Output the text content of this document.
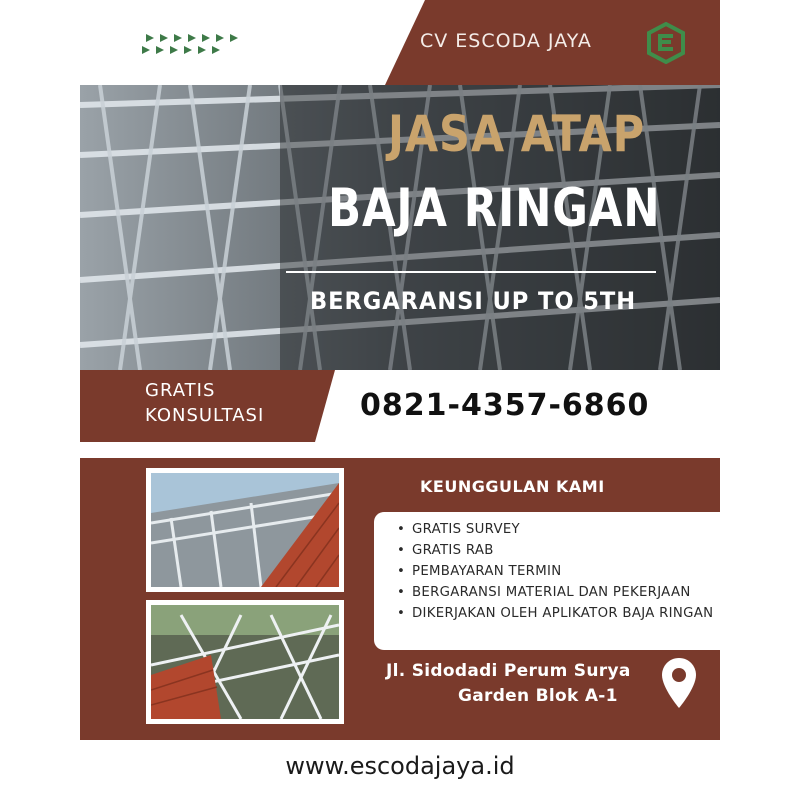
CV ESCODA JAYA
JASA ATAP
BAJA RINGAN
BERGARANSI UP TO 5TH
GRATIS
KONSULTASI	0821-4357-6860
KEUNGGULAN KAMI
• GRATIS SURVEY
• GRATIS RAB
• PEMBAYARAN TERMIN
• BERGARANSI MATERIAL DAN PEKERJAAN
• DIKERJAKAN OLEH APLIKATOR BAJA RINGAN
Jl. Sidodadi Perum Surya
Garden Blok A-1
www.escodajaya.id
